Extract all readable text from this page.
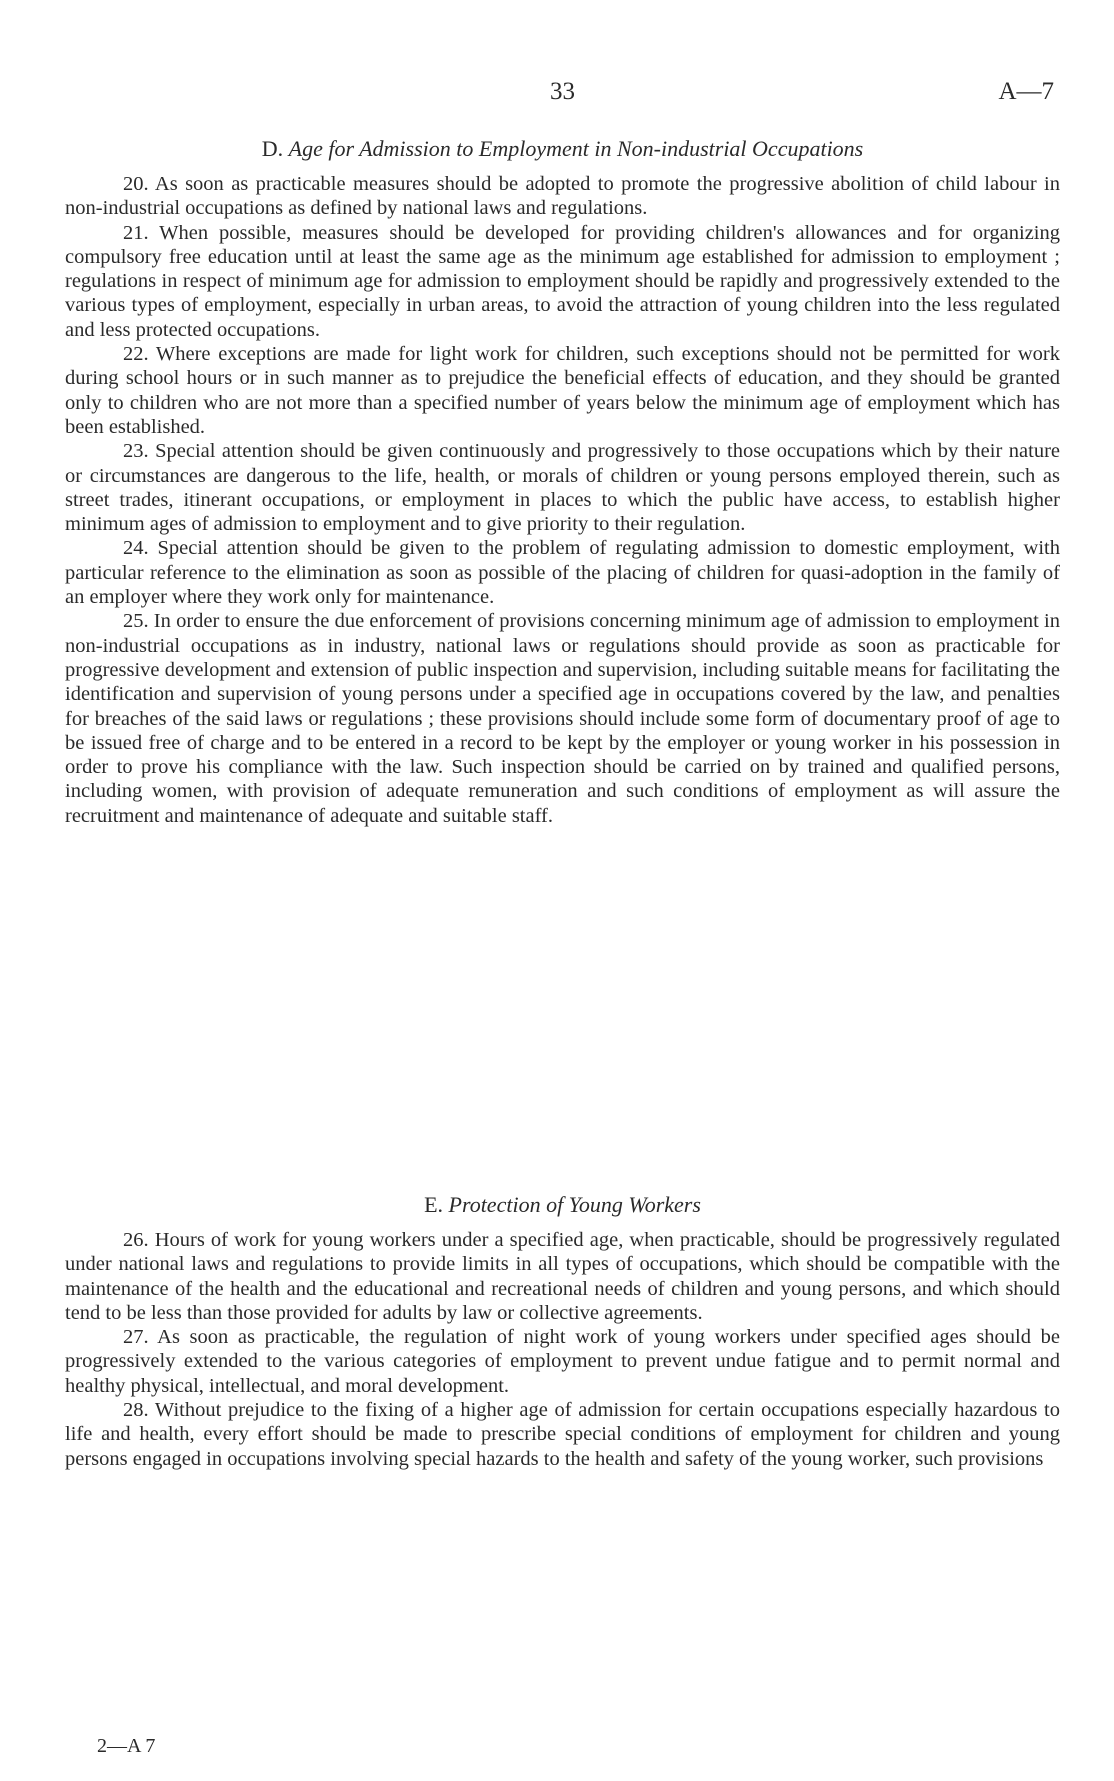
33	A—7

D. Age for Admission to Employment in Non-industrial Occupations

20. As soon as practicable measures should be adopted to promote the progressive abolition of child labour in non-industrial occupations as defined by national laws and regulations.

21. When possible, measures should be developed for providing children's allowances and for organizing compulsory free education until at least the same age as the minimum age established for admission to employment ; regulations in respect of minimum age for admission to employment should be rapidly and progressively extended to the various types of employment, especially in urban areas, to avoid the attraction of young children into the less regulated and less protected occupations.

22. Where exceptions are made for light work for children, such exceptions should not be permitted for work during school hours or in such manner as to prejudice the beneficial effects of education, and they should be granted only to children who are not more than a specified number of years below the minimum age of employment which has been established.

23. Special attention should be given continuously and progressively to those occupations which by their nature or circumstances are dangerous to the life, health, or morals of children or young persons employed therein, such as street trades, itinerant occupations, or employment in places to which the public have access, to establish higher minimum ages of admission to employment and to give priority to their regulation.

24. Special attention should be given to the problem of regulating admission to domestic employment, with particular reference to the elimination as soon as possible of the placing of children for quasi-adoption in the family of an employer where they work only for maintenance.

25. In order to ensure the due enforcement of provisions concerning minimum age of admission to employment in non-industrial occupations as in industry, national laws or regulations should provide as soon as practicable for progressive development and extension of public inspection and supervision, including suitable means for facilitating the identification and supervision of young persons under a specified age in occupations covered by the law, and penalties for breaches of the said laws or regulations ; these provisions should include some form of documentary proof of age to be issued free of charge and to be entered in a record to be kept by the employer or young worker in his possession in order to prove his compliance with the law. Such inspection should be carried on by trained and qualified persons, including women, with provision of adequate remuneration and such conditions of employment as will assure the recruitment and maintenance of adequate and suitable staff.

E. Protection of Young Workers

26. Hours of work for young workers under a specified age, when practicable, should be progressively regulated under national laws and regulations to provide limits in all types of occupations, which should be compatible with the maintenance of the health and the educational and recreational needs of children and young persons, and which should tend to be less than those provided for adults by law or collective agreements.

27. As soon as practicable, the regulation of night work of young workers under specified ages should be progressively extended to the various categories of employment to prevent undue fatigue and to permit normal and healthy physical, intellectual, and moral development.

28. Without prejudice to the fixing of a higher age of admission for certain occupations especially hazardous to life and health, every effort should be made to prescribe special conditions of employment for children and young persons engaged in occupations involving special hazards to the health and safety of the young worker, such provisions

2—A 7
